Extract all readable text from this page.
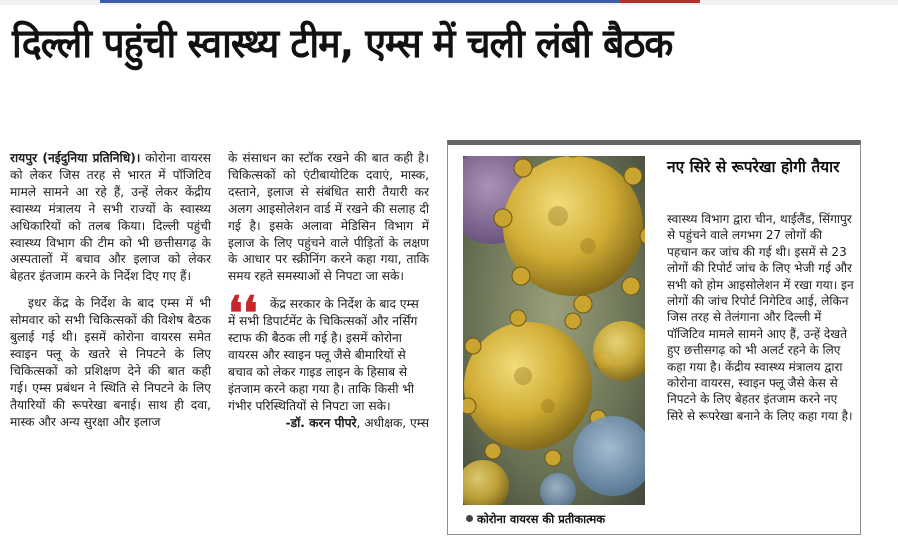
दिल्ली पहुंची स्वास्थ्य टीम, एम्स में चली लंबी बैठक

रायपुर (नईदुनिया प्रतिनिधि)। कोरोना वायरस को लेकर जिस तरह से भारत में पॉजिटिव मामले सामने आ रहे हैं, उन्हें लेकर केंद्रीय स्वास्थ्य मंत्रालय ने सभी राज्यों के स्वास्थ्य अधिकारियों को तलब किया। दिल्ली पहुंची स्वास्थ्य विभाग की टीम को भी छत्तीसगढ़ के अस्पतालों में बचाव और इलाज को लेकर बेहतर इंतजाम करने के निर्देश दिए गए हैं।

इधर केंद्र के निर्देश के बाद एम्स में भी सोमवार को सभी चिकित्सकों की विशेष बैठक बुलाई गई थी। इसमें कोरोना वायरस समेत स्वाइन फ्लू के खतरे से निपटने के लिए चिकित्सकों को प्रशिक्षण देने की बात कही गई। एम्स प्रबंधन ने स्थिति से निपटने के लिए तैयारियों की रूपरेखा बनाई। साथ ही दवा, मास्क और अन्य सुरक्षा और इलाज

के संसाधन का स्टॉक रखने की बात कही है। चिकित्सकों को एंटीबायोटिक दवाएं, मास्क, दस्ताने, इलाज से संबंधित सारी तैयारी कर अलग आइसोलेशन वार्ड में रखने की सलाह दी गई है। इसके अलावा मेडिसिन विभाग में इलाज के लिए पहुंचने वाले पीड़ितों के लक्षण के आधार पर स्क्रीनिंग करने कहा गया, ताकि समय रहते समस्याओं से निपटा जा सके।

❛❛	केंद्र सरकार के निर्देश के बाद एम्स में सभी डिपार्टमेंट के चिकित्सकों और नर्सिंग स्टाफ की बैठक ली गई है। इसमें कोरोना वायरस और स्वाइन फ्लू जैसे बीमारियों से बचाव को लेकर गाइड लाइन के हिसाब से इंतजाम करने कहा गया है। ताकि किसी भी गंभीर परिस्थितियों से निपटा जा सके।

-डॉ. करन पीपरे, अधीक्षक, एम्स

कोरोना वायरस की प्रतीकात्मक
नए सिरे से रूपरेखा होगी तैयार

स्वास्थ्य विभाग द्वारा चीन, थाईलैंड, सिंगापुर से पहुंचने वाले लगभग 27 लोगों की पहचान कर जांच की गई थी। इसमें से 23 लोगों की रिपोर्ट जांच के लिए भेजी गई और सभी को होम आइसोलेशन में रखा गया। इन लोगों की जांच रिपोर्ट निगेटिव आई, लेकिन जिस तरह से तेलंगाना और दिल्ली में पॉजिटिव मामले सामने आए हैं, उन्हें देखते हुए छत्तीसगढ़ को भी अलर्ट रहने के लिए कहा गया है। केंद्रीय स्वास्थ्य मंत्रालय द्वारा कोरोना वायरस, स्वाइन फ्लू जैसे केस से निपटने के लिए बेहतर इंतजाम करने नए सिरे से रूपरेखा बनाने के लिए कहा गया है।
